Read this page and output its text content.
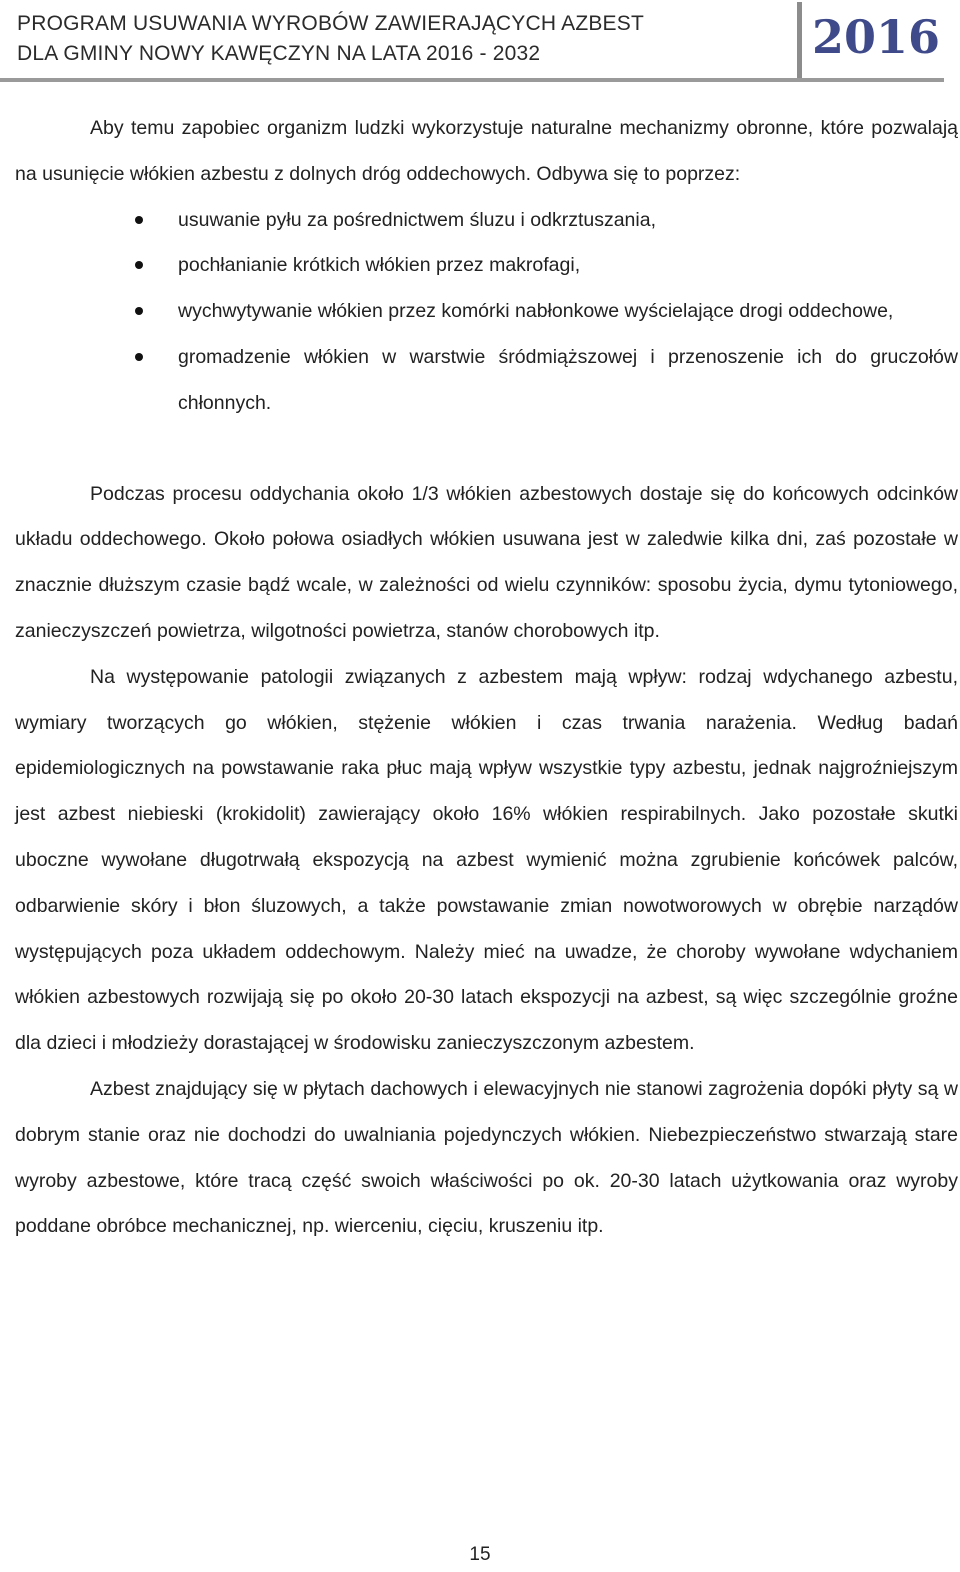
PROGRAM USUWANIA WYROBÓW ZAWIERAJĄCYCH AZBEST
DLA GMINY NOWY KAWĘCZYN NA LATA 2016 - 2032	2016

Aby temu zapobiec organizm ludzki wykorzystuje naturalne mechanizmy obronne, które pozwalają na usunięcie włókien azbestu z dolnych dróg oddechowych. Odbywa się to poprzez:

usuwanie pyłu za pośrednictwem śluzu i odkrztuszania,
pochłanianie krótkich włókien przez makrofagi,
wychwytywanie włókien przez komórki nabłonkowe wyścielające drogi oddechowe,
gromadzenie włókien w warstwie śródmiąższowej i przenoszenie ich do gruczołów chłonnych.

Podczas procesu oddychania około 1/3 włókien azbestowych dostaje się do końcowych odcinków układu oddechowego. Około połowa osiadłych włókien usuwana jest w zaledwie kilka dni, zaś pozostałe w znacznie dłuższym czasie bądź wcale, w zależności od wielu czynników: sposobu życia, dymu tytoniowego, zanieczyszczeń powietrza, wilgotności powietrza, stanów chorobowych itp.

Na występowanie patologii związanych z azbestem mają wpływ: rodzaj wdychanego azbestu, wymiary tworzących go włókien, stężenie włókien i czas trwania narażenia. Według badań epidemiologicznych na powstawanie raka płuc mają wpływ wszystkie typy azbestu, jednak najgroźniejszym jest azbest niebieski (krokidolit) zawierający około 16% włókien respirabilnych. Jako pozostałe skutki uboczne wywołane długotrwałą ekspozycją na azbest wymienić można zgrubienie końcówek palców, odbarwienie skóry i błon śluzowych, a także powstawanie zmian nowotworowych w obrębie narządów występujących poza układem oddechowym. Należy mieć na uwadze, że choroby wywołane wdychaniem włókien azbestowych rozwijają się po około 20-30 latach ekspozycji na azbest, są więc szczególnie groźne dla dzieci i młodzieży dorastającej w środowisku zanieczyszczonym azbestem.

Azbest znajdujący się w płytach dachowych i elewacyjnych nie stanowi zagrożenia dopóki płyty są w dobrym stanie oraz nie dochodzi do uwalniania pojedynczych włókien. Niebezpieczeństwo stwarzają stare wyroby azbestowe, które tracą część swoich właściwości po ok. 20-30 latach użytkowania oraz wyroby poddane obróbce mechanicznej, np. wierceniu, cięciu, kruszeniu itp.

15
